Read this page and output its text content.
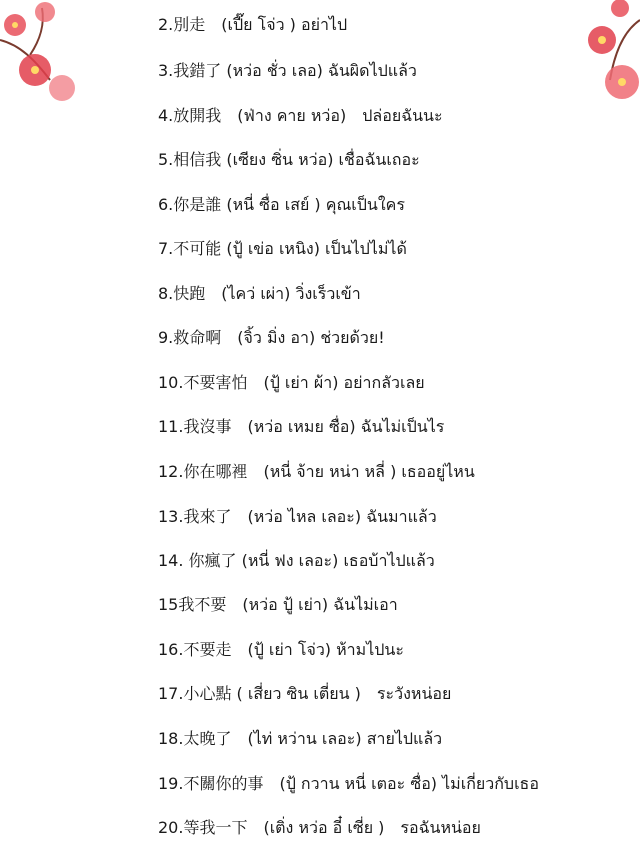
2.別走　(เปี๊ย โจ่ว ) อย่าไป
3.我錯了 (หว่อ ชั่ว เลอ) ฉันผิดไปแล้ว
4.放開我　(ฟ่าง คาย หว่อ)　ปล่อยฉันนะ
5.相信我 (เซียง ซิ่น หว่อ) เชื่อฉันเถอะ
6.你是誰 (หนี่ ซื่อ เสย์ ) คุณเป็นใคร
7.不可能 (ปู้ เข่อ เหนิง) เป็นไปไม่ได้
8.快跑　(ไคว่ เผ่า) วิ่งเร็วเข้า
9.救命啊　(จิ้ว มิ่ง อา) ช่วยด้วย!
10.不要害怕　(ปู้ เย่า ผ้า) อย่ากลัวเลย
11.我沒事　(หว่อ เหมย ซื่อ) ฉันไม่เป็นไร
12.你在哪裡　(หนี่ จ้าย หน่า หลี่ ) เธออยู่ไหน
13.我來了　(หว่อ ไหล เลอะ) ฉันมาแล้ว
14. 你瘋了 (หนี่ ฟง เลอะ) เธอบ้าไปแล้ว
15我不要　(หว่อ ปู้ เย่า) ฉันไม่เอา
16.不要走　(ปู้ เย่า โจ่ว) ห้ามไปนะ
17.小心點 ( เสี่ยว ซิน เตี่ยน )　ระวังหน่อย
18.太晚了　(ไท่ หว่าน เลอะ) สายไปแล้ว
19.不關你的事　(ปู้ กวาน หนี่ เตอะ ซื่อ) ไม่เกี่ยวกับเธอ
20.等我一下　(เติ่ง หว่อ อี๋ เซี่ย )　รอฉันหน่อย
